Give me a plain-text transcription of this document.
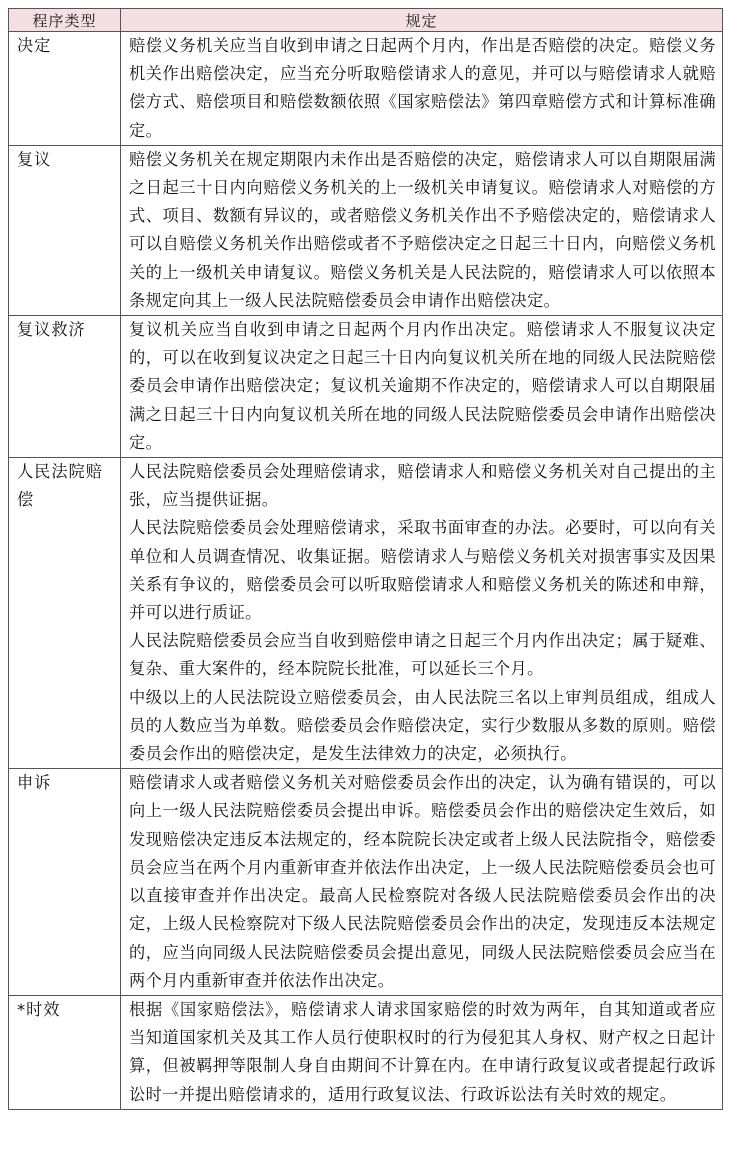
程序类型	规定
决定	赔偿义务机关应当自收到申请之日起两个月内，作出是否赔偿的决定。赔偿义务机关作出赔偿决定，应当充分听取赔偿请求人的意见，并可以与赔偿请求人就赔偿方式、赔偿项目和赔偿数额依照《国家赔偿法》第四章赔偿方式和计算标准确定。

复议	赔偿义务机关在规定期限内未作出是否赔偿的决定，赔偿请求人可以自期限届满之日起三十日内向赔偿义务机关的上一级机关申请复议。赔偿请求人对赔偿的方式、项目、数额有异议的，或者赔偿义务机关作出不予赔偿决定的，赔偿请求人可以自赔偿义务机关作出赔偿或者不予赔偿决定之日起三十日内，向赔偿义务机关的上一级机关申请复议。赔偿义务机关是人民法院的，赔偿请求人可以依照本条规定向其上一级人民法院赔偿委员会申请作出赔偿决定。

复议救济	复议机关应当自收到申请之日起两个月内作出决定。赔偿请求人不服复议决定的，可以在收到复议决定之日起三十日内向复议机关所在地的同级人民法院赔偿委员会申请作出赔偿决定；复议机关逾期不作决定的，赔偿请求人可以自期限届满之日起三十日内向复议机关所在地的同级人民法院赔偿委员会申请作出赔偿决定。

人民法院赔偿	人民法院赔偿委员会处理赔偿请求，赔偿请求人和赔偿义务机关对自己提出的主张，应当提供证据。
人民法院赔偿委员会处理赔偿请求，采取书面审查的办法。必要时，可以向有关单位和人员调查情况、收集证据。赔偿请求人与赔偿义务机关对损害事实及因果关系有争议的，赔偿委员会可以听取赔偿请求人和赔偿义务机关的陈述和申辩，并可以进行质证。
人民法院赔偿委员会应当自收到赔偿申请之日起三个月内作出决定；属于疑难、复杂、重大案件的，经本院院长批准，可以延长三个月。
中级以上的人民法院设立赔偿委员会，由人民法院三名以上审判员组成，组成人员的人数应当为单数。赔偿委员会作赔偿决定，实行少数服从多数的原则。赔偿委员会作出的赔偿决定，是发生法律效力的决定，必须执行。

申诉	赔偿请求人或者赔偿义务机关对赔偿委员会作出的决定，认为确有错误的，可以向上一级人民法院赔偿委员会提出申诉。赔偿委员会作出的赔偿决定生效后，如发现赔偿决定违反本法规定的，经本院院长决定或者上级人民法院指令，赔偿委员会应当在两个月内重新审查并依法作出决定，上一级人民法院赔偿委员会也可以直接审查并作出决定。最高人民检察院对各级人民法院赔偿委员会作出的决定，上级人民检察院对下级人民法院赔偿委员会作出的决定，发现违反本法规定的，应当向同级人民法院赔偿委员会提出意见，同级人民法院赔偿委员会应当在两个月内重新审查并依法作出决定。

*时效	根据《国家赔偿法》，赔偿请求人请求国家赔偿的时效为两年，自其知道或者应当知道国家机关及其工作人员行使职权时的行为侵犯其人身权、财产权之日起计算，但被羁押等限制人身自由期间不计算在内。在申请行政复议或者提起行政诉讼时一并提出赔偿请求的，适用行政复议法、行政诉讼法有关时效的规定。
